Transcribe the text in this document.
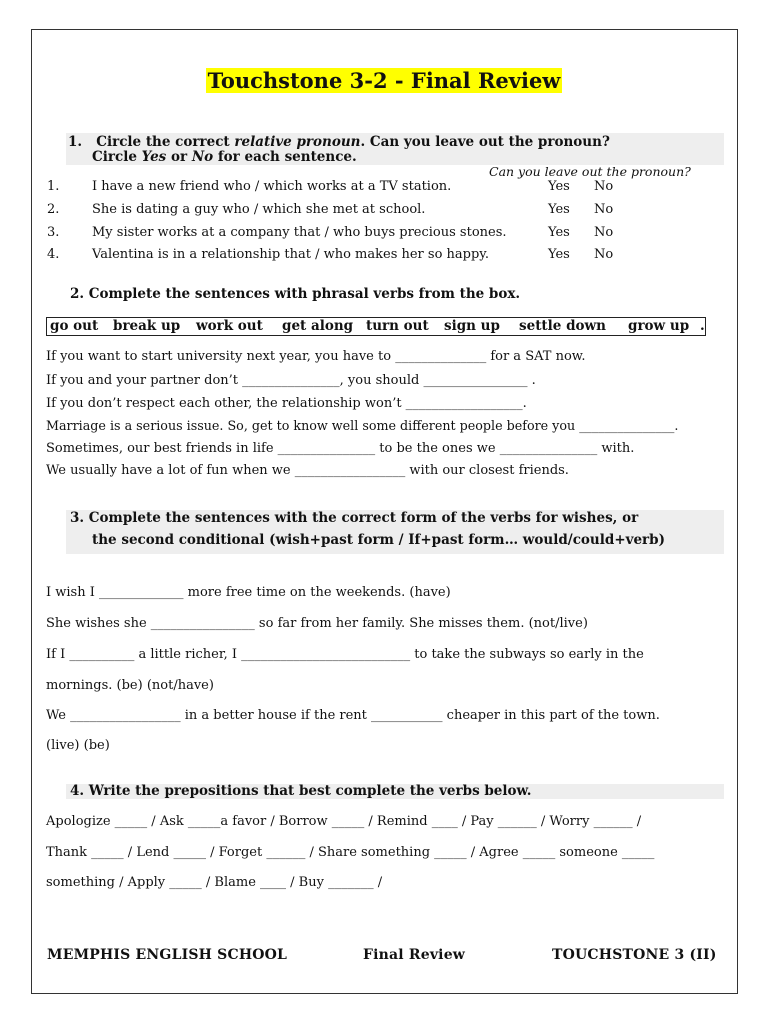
Touchstone 3-2 - Final Review
1. Circle the correct relative pronoun. Can you leave out the pronoun?
Circle Yes or No for each sentence.
Can you leave out the pronoun?
1.	I have a new friend who / which works at a TV station.	Yes No
2.	She is dating a guy who / which she met at school.	Yes No
3.	My sister works at a company that / who buys precious stones.	Yes No
4.	Valentina is in a relationship that / who makes her so happy.	Yes No
2. Complete the sentences with phrasal verbs from the box.
go out break up work out get along turn out sign up settle down grow up .
If you want to start university next year, you have to ______________ for a SAT now.
If you and your partner don’t _______________, you should ________________ .
If you don’t respect each other, the relationship won’t __________________.
Marriage is a serious issue. So, get to know well some different people before you _______________.
Sometimes, our best friends in life _______________ to be the ones we _______________ with.
We usually have a lot of fun when we _________________ with our closest friends.
3. Complete the sentences with the correct form of the verbs for wishes, or
the second conditional (wish+past form / If+past form… would/could+verb)
I wish I _____________ more free time on the weekends. (have)
She wishes she ________________ so far from her family. She misses them. (not/live)
If I __________ a little richer, I __________________________ to take the subways so early in the
mornings. (be) (not/have)
We _________________ in a better house if the rent ___________ cheaper in this part of the town.
(live) (be)
4. Write the prepositions that best complete the verbs below.
Apologize _____ / Ask _____a favor / Borrow _____ / Remind ____ / Pay ______ / Worry ______ /
Thank _____ / Lend _____ / Forget ______ / Share something _____ / Agree _____ someone _____
something / Apply _____ / Blame ____ / Buy _______ /
MEMPHIS ENGLISH SCHOOL	Final Review	TOUCHSTONE 3 (II)
